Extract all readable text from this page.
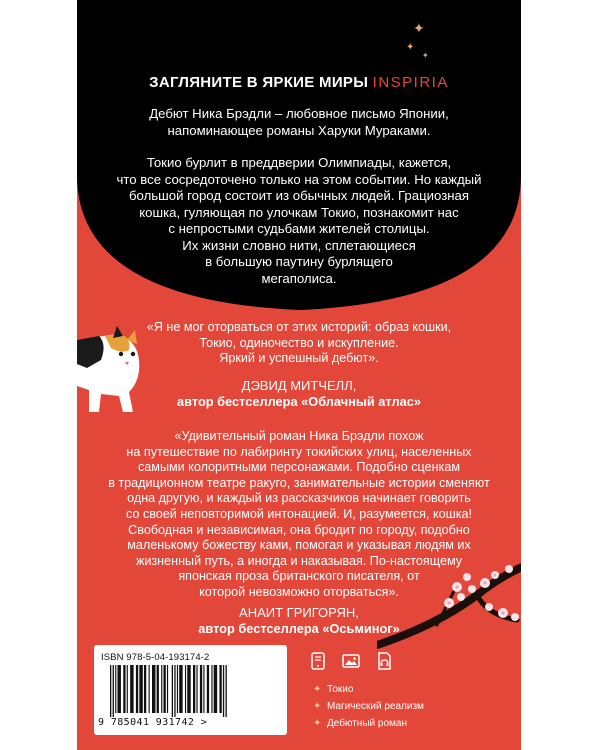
✦
✦
✦
ЗАГЛЯНИТЕ В ЯРКИЕ МИРЫ INSPIRIA
Дебют Ника Брэдли – любовное письмо Японии,
напоминающее романы Харуки Мураками.
Токио бурлит в преддверии Олимпиады, кажется,
что все сосредоточено только на этом событии. Но каждый
большой город состоит из обычных людей. Грациозная
кошка, гуляющая по улочкам Токио, познакомит нас
с непростыми судьбами жителей столицы.
Их жизни словно нити, сплетающиеся
в большую паутину бурлящего
мегаполиса.
«Я не мог оторваться от этих историй: образ кошки,
Токио, одиночество и искупление.
Яркий и успешный дебют».
ДЭВИД МИТЧЕЛЛ,
автор бестселлера «Облачный атлас»
«Удивительный роман Ника Брэдли похож
на путешествие по лабиринту токийских улиц, населенных
самыми колоритными персонажами. Подобно сценкам
в традиционном театре ракуго, занимательные истории сменяют
одна другую, и каждый из рассказчиков начинает говорить
со своей неповторимой интонацией. И, разумеется, кошка!
Свободная и независимая, она бродит по городу, подобно
маленькому божеству ками, помогая и указывая людям их
жизненный путь, а иногда и наказывая. По-настоящему
японская проза британского писателя, от
которой невозможно оторваться».
АНАИТ ГРИГОРЯН,
автор бестселлера «Осьминог»
ISBN 978-5-04-193174-2
9 785041 931742 >
✦ Токио
✦ Магический реализм
✦ Дебютный роман
